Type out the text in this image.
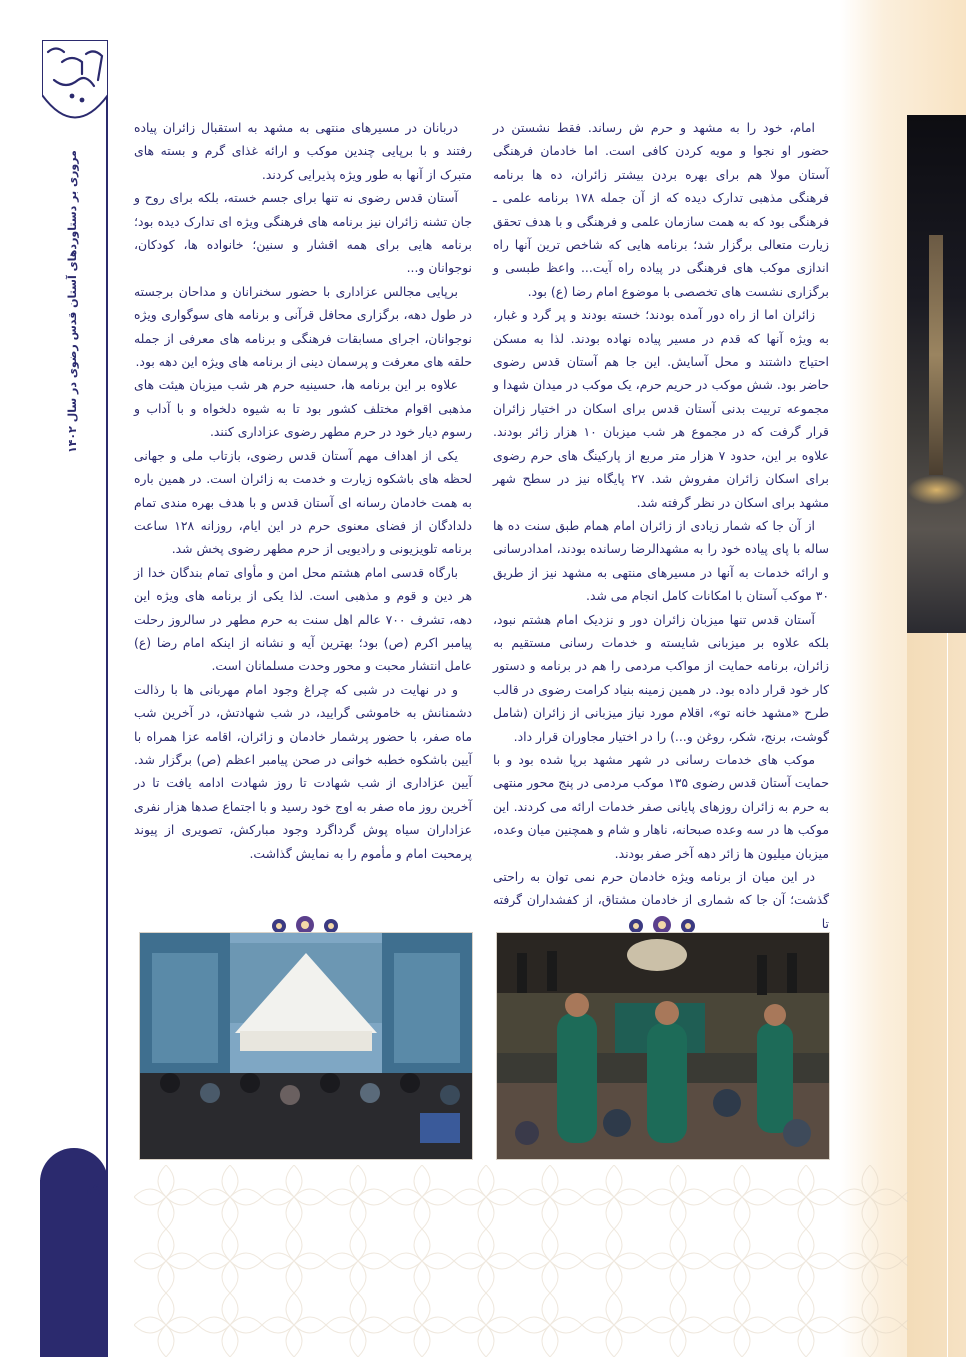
مروری بر دستاوردهای آستان قدس رضوی در سال ۱۴۰۲
۱۹

امام، خود را به مشهد و حرم ش رساند. فقط نشستن در حضور او نجوا و مویه کردن کافی است. اما خادمان فرهنگی آستان مولا هم برای بهره بردن بیشتر زائران، ده ها برنامه فرهنگی مذهبی تدارک دیده که از آن جمله ۱۷۸ برنامه علمی ـ فرهنگی بود که به همت سازمان علمی و فرهنگی و با هدف تحقق زیارت متعالی برگزار شد؛ برنامه هایی که شاخص ترین آنها راه اندازی موکب های فرهنگی در پیاده راه آیت... واعظ طبسی و برگزاری نشست های تخصصی با موضوع امام رضا (ع) بود.

زائران اما از راه دور آمده بودند؛ خسته بودند و پر گرد و غبار، به ویژه آنها که قدم در مسیر پیاده نهاده بودند. لذا به مسکن احتیاج داشتند و محل آسایش. این جا هم آستان قدس رضوی حاضر بود. شش موکب در حریم حرم، یک موکب در میدان شهدا و مجموعه تربیت بدنی آستان قدس برای اسکان در اختیار زائران قرار گرفت که در مجموع هر شب میزبان ۱۰ هزار زائر بودند. علاوه بر این، حدود ۷ هزار متر مربع از پارکینگ های حرم رضوی برای اسکان زائران مفروش شد. ۲۷ پایگاه نیز در سطح شهر مشهد برای اسکان در نظر گرفته شد.

از آن جا که شمار زیادی از زائران امام همام طبق سنت ده ها ساله با پای پیاده خود را به مشهدالرضا رسانده بودند، امدادرسانی و ارائه خدمات به آنها در مسیرهای منتهی به مشهد نیز از طریق ۳۰ موکب آستان با امکانات کامل انجام می شد.

آستان قدس تنها میزبان زائران دور و نزدیک امام هشتم نبود، بلکه علاوه بر میزبانی شایسته و خدمات رسانی مستقیم به زائران، برنامه حمایت از مواکب مردمی را هم در برنامه و دستور کار خود قرار داده بود. در همین زمینه بنیاد کرامت رضوی در قالب طرح «مشهد خانه تو»، اقلام مورد نیاز میزبانی از زائران (شامل گوشت، برنج، شکر، روغن و...) را در اختیار مجاوران قرار داد.

موکب های خدمات رسانی در شهر مشهد برپا شده بود و با حمایت آستان قدس رضوی ۱۳۵ موکب مردمی در پنج محور منتهی به حرم به زائران روزهای پایانی صفر خدمات ارائه می کردند. این موکب ها در سه وعده صبحانه، ناهار و شام و همچنین میان وعده، میزبان میلیون ها زائر دهه آخر صفر بودند.

در این میان از برنامه ویژه خادمان حرم نمی توان به راحتی گذشت؛ آن جا که شماری از خادمان مشتاق، از کفشداران گرفته تا

دربانان در مسیرهای منتهی به مشهد به استقبال زائران پیاده رفتند و با برپایی چندین موکب و ارائه غذای گرم و بسته های متبرک از آنها به طور ویژه پذیرایی کردند.

آستان قدس رضوی نه تنها برای جسم خسته، بلکه برای روح و جان تشنه زائران نیز برنامه های فرهنگی ویژه ای تدارک دیده بود؛ برنامه هایی برای همه اقشار و سنین؛ خانواده ها، کودکان، نوجوانان و...

برپایی مجالس عزاداری با حضور سخنرانان و مداحان برجسته در طول دهه، برگزاری محافل قرآنی و برنامه های سوگواری ویژه نوجوانان، اجرای مسابقات فرهنگی و برنامه های معرفی از جمله حلقه های معرفت و پرسمان دینی از برنامه های ویژه این دهه بود.

علاوه بر این برنامه ها، حسینیه حرم هر شب میزبان هیئت های مذهبی اقوام مختلف کشور بود تا به شیوه دلخواه و با آداب و رسوم دیار خود در حرم مطهر رضوی عزاداری کنند.

یکی از اهداف مهم آستان قدس رضوی، بازتاب ملی و جهانی لحظه های باشکوه زیارت و خدمت به زائران است. در همین باره به همت خادمان رسانه ای آستان قدس و با هدف بهره مندی تمام دلدادگان از فضای معنوی حرم در این ایام، روزانه ۱۲۸ ساعت برنامه تلویزیونی و رادیویی از حرم مطهر رضوی پخش شد.

بارگاه قدسی امام هشتم محل امن و مأوای تمام بندگان خدا از هر دین و قوم و مذهبی است. لذا یکی از برنامه های ویژه این دهه، تشرف ۷۰۰ عالم اهل سنت به حرم مطهر در سالروز رحلت پیامبر اکرم (ص) بود؛ بهترین آیه و نشانه از اینکه امام رضا (ع) عامل انتشار محبت و محور وحدت مسلمانان است.

و در نهایت در شبی که چراغ وجود امام مهربانی ها با رذالت دشمنانش به خاموشی گرایید، در شب شهادتش، در آخرین شب ماه صفر، با حضور پرشمار خادمان و زائران، اقامه عزا همراه با آیین باشکوه خطبه خوانی در صحن پیامبر اعظم (ص) برگزار شد. آیین عزاداری از شب شهادت تا روز شهادت ادامه یافت تا در آخرین روز ماه صفر به اوج خود رسید و با اجتماع صدها هزار نفری عزاداران سیاه پوش گرداگرد وجود مبارکش، تصویری از پیوند پرمحبت امام و مأموم را به نمایش گذاشت.
